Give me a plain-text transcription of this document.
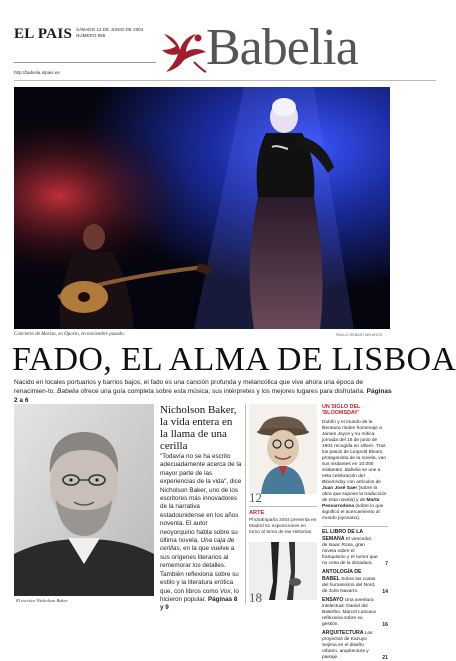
EL PAIS SÁBADO 12 DE JUNIO DE 2004
NÚMERO 655
http://babelia.elpais.es	Babelia
Concierto de Mariza, en Oporto, en noviembre pasado.	PAULO SEBASTIAN ARCE
FADO, EL ALMA DE LISBOA
Nacido en locales portuarios y barrios bajos, el fado es una canción profunda y melancólica que vive ahora una época de renacimien-to. Babelia ofrece una guía completa sobre esta música, sus intérpretes y los mejores lugares para disfrutarla. Páginas 2 a 6
El escritor Nicholson Baker.
Nicholson Baker, la vida entera en la llama de una cerilla
"Todavía no se ha escrito adecuadamente acerca de la mayor parte de las experiencias de la vida", dice Nicholson Baker, uno de los escritores más innovadores de la narrativa estadounidense en los años noventa. El autor neoyorquino habla sobre su última novela, Una caja de cerillas, en la que vuelve a sus orígenes literarios al rememorar los detalles. También reflexiona sobre su estilo y la literatura erótica que, con libros como Vox, lo hicieron popular. Páginas 8 y 9
12
ARTE
PhotoEspaña 2004 presenta en Madrid 51 exposiciones en torno al tema de las Historias.
18
UN SIGLO DEL 'BLOOMSDAY'
Dublín y el mundo de la literatura rinden homenaje a James Joyce y su mítica jornada del 16 de junio de 1904 recogida en Ulises. Tras los pasos de Leopold Bloom, protagonista de la novela, van sus visitantes en 10.000 visitantes. Babelia se une a esta celebración del Bloomsday con artículos de Juan José Saer (sobre la obra que supone la traducción de esta novela) y de Marta Pessarrodona (sobre lo que significó el acercamiento al mundo joyceano).
EL LIBRO DE LA SEMANA El vencedor, de Isaac Rosa, gran novela sobre el franquismo y el rumor que no cesa de la dictadura. 7
ANTOLOGÍA DE BABEL Sobre las cosas del humanismo del Nord, de Joris Navarro.	14
ENSAYO Una aventura intelectual: Daniel del Baserbo. Marcel Lascaux reflexiona sobre su gestión.	16
ARQUITECTURA Los proyectos de Kazuyo Sejima en el diseño urbano, arquitectura y paisaje.	21
